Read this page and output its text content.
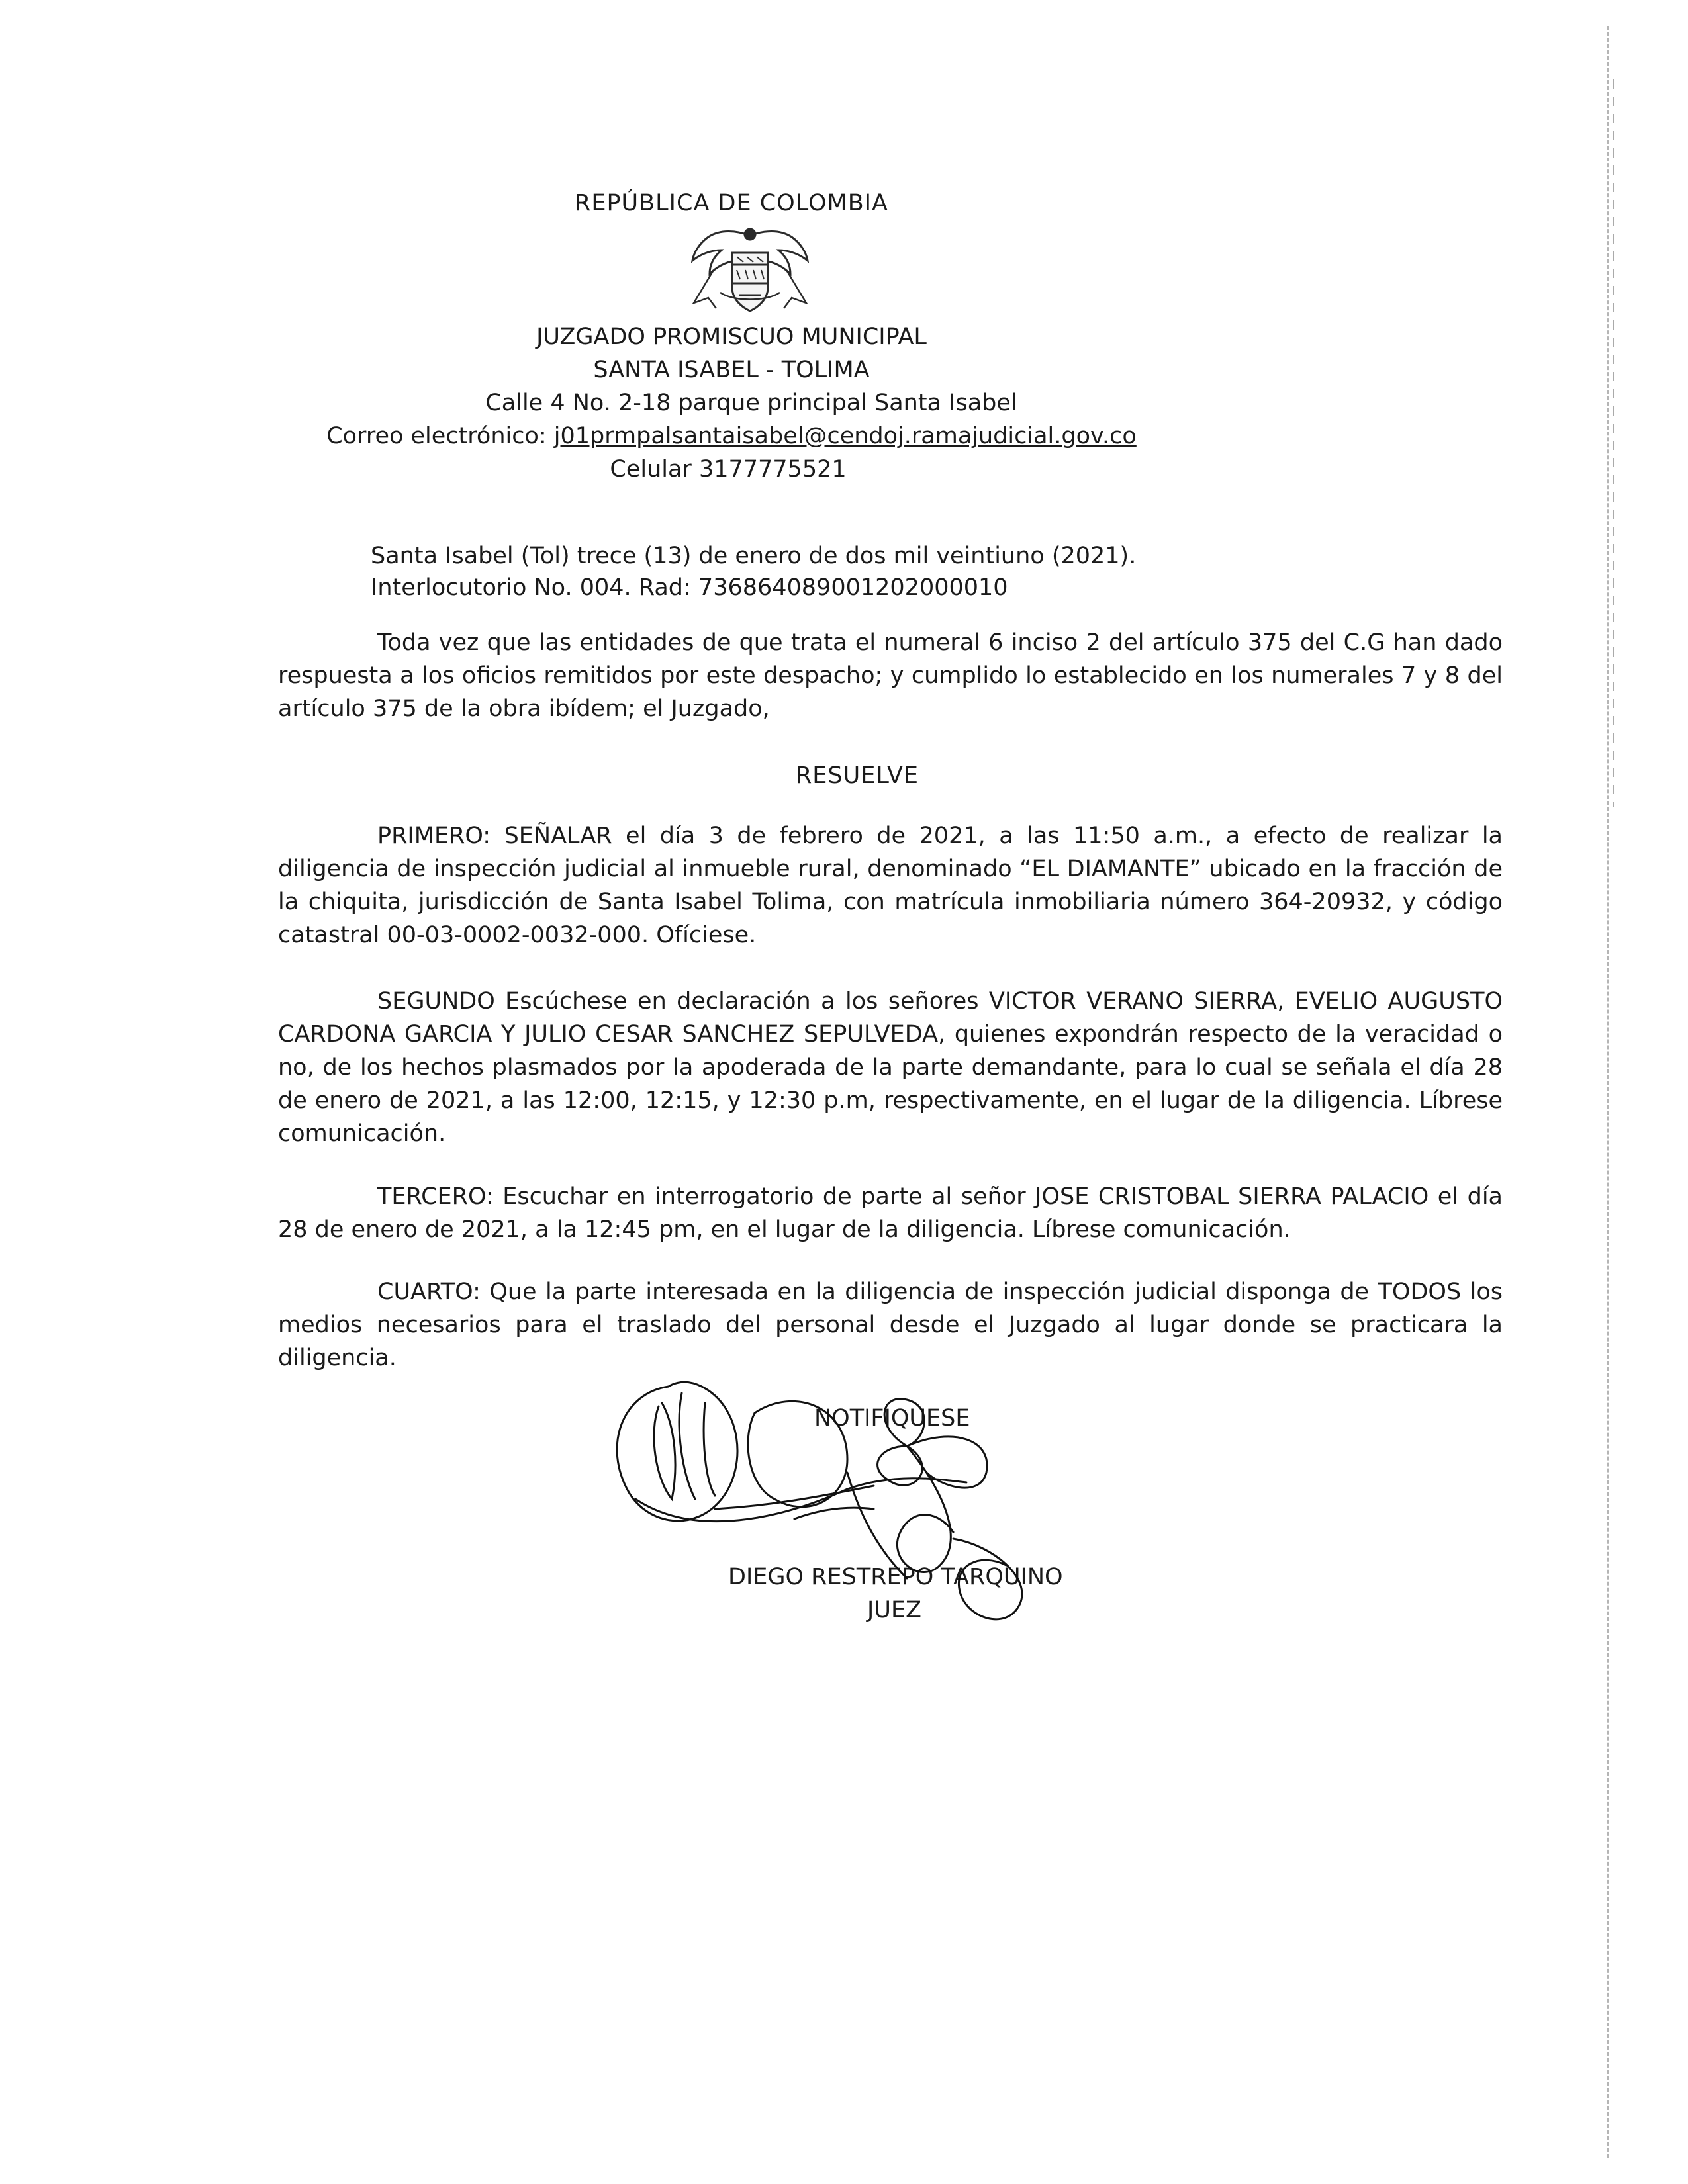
REPÚBLICA DE COLOMBIA
JUZGADO PROMISCUO MUNICIPAL
SANTA ISABEL - TOLIMA
Calle 4 No. 2-18 parque principal Santa Isabel
Correo electrónico: j01prmpalsantaisabel@cendoj.ramajudicial.gov.co
Celular 3177775521
Santa Isabel (Tol) trece (13) de enero de dos mil veintiuno (2021).
Interlocutorio No. 004. Rad: 736864089001202000010

Toda vez que las entidades de que trata el numeral 6 inciso 2 del artículo 375 del C.G han dado respuesta a los oficios remitidos por este despacho; y cumplido lo establecido en los numerales 7 y 8 del artículo 375 de la obra ibídem; el Juzgado,

RESUELVE

PRIMERO: SEÑALAR el día 3 de febrero de 2021, a las 11:50 a.m., a efecto de realizar la diligencia de inspección judicial al inmueble rural, denominado “EL DIAMANTE” ubicado en la fracción de la chiquita, jurisdicción de Santa Isabel Tolima, con matrícula inmobiliaria número 364-20932, y código catastral 00-03-0002-0032-000. Ofíciese.

SEGUNDO Escúchese en declaración a los señores VICTOR VERANO SIERRA, EVELIO AUGUSTO CARDONA GARCIA Y JULIO CESAR SANCHEZ SEPULVEDA, quienes expondrán respecto de la veracidad o no, de los hechos plasmados por la apoderada de la parte demandante, para lo cual se señala el día 28 de enero de 2021, a las 12:00, 12:15, y 12:30 p.m, respectivamente, en el lugar de la diligencia. Líbrese comunicación.

TERCERO: Escuchar en interrogatorio de parte al señor JOSE CRISTOBAL SIERRA PALACIO el día 28 de enero de 2021, a la 12:45 pm, en el lugar de la diligencia. Líbrese comunicación.

CUARTO: Que la parte interesada en la diligencia de inspección judicial disponga de TODOS los medios necesarios para el traslado del personal desde el Juzgado al lugar donde se practicara la diligencia.

NOTIFIQUESE
DIEGO RESTREPO TARQUINO
JUEZ
